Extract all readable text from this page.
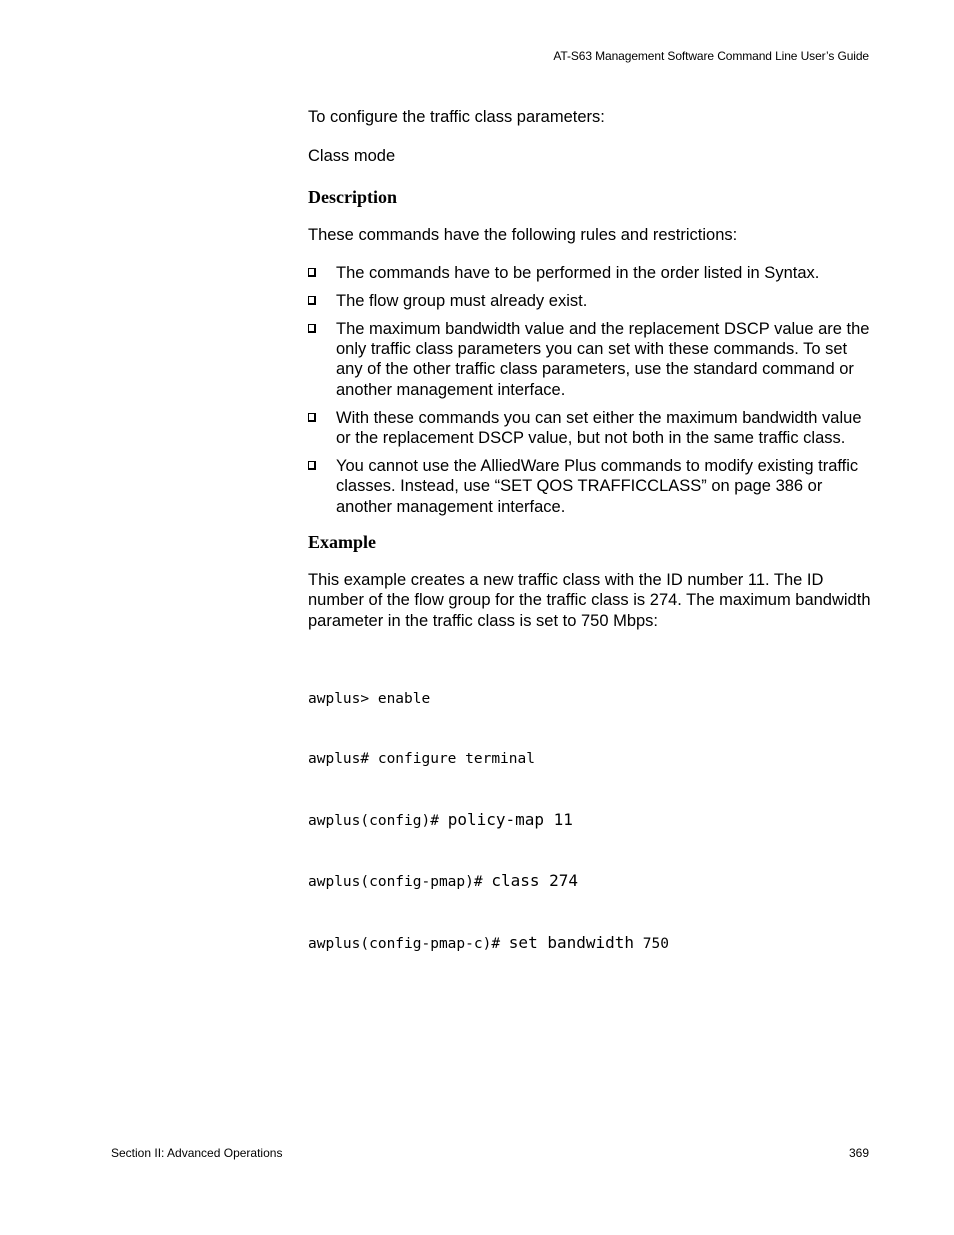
AT-S63 Management Software Command Line User’s Guide

To configure the traffic class parameters:

Class mode

Description

These commands have the following rules and restrictions:

The commands have to be performed in the order listed in Syntax.
The flow group must already exist.
The maximum bandwidth value and the replacement DSCP value are the only traffic class parameters you can set with these commands. To set any of the other traffic class parameters, use the standard command or another management interface.
With these commands you can set either the maximum bandwidth value or the replacement DSCP value, but not both in the same traffic class.
You cannot use the AlliedWare Plus commands to modify existing traffic classes. Instead, use “SET QOS TRAFFICCLASS” on page 386 or another management interface.
Example

This example creates a new traffic class with the ID number 11. The ID number of the flow group for the traffic class is 274. The maximum bandwidth parameter in the traffic class is set to 750 Mbps:

awplus> enable

awplus# configure terminal

awplus(config)# policy-map 11

awplus(config-pmap)# class 274

awplus(config-pmap-c)# set bandwidth 750

Section II: Advanced Operations	369
